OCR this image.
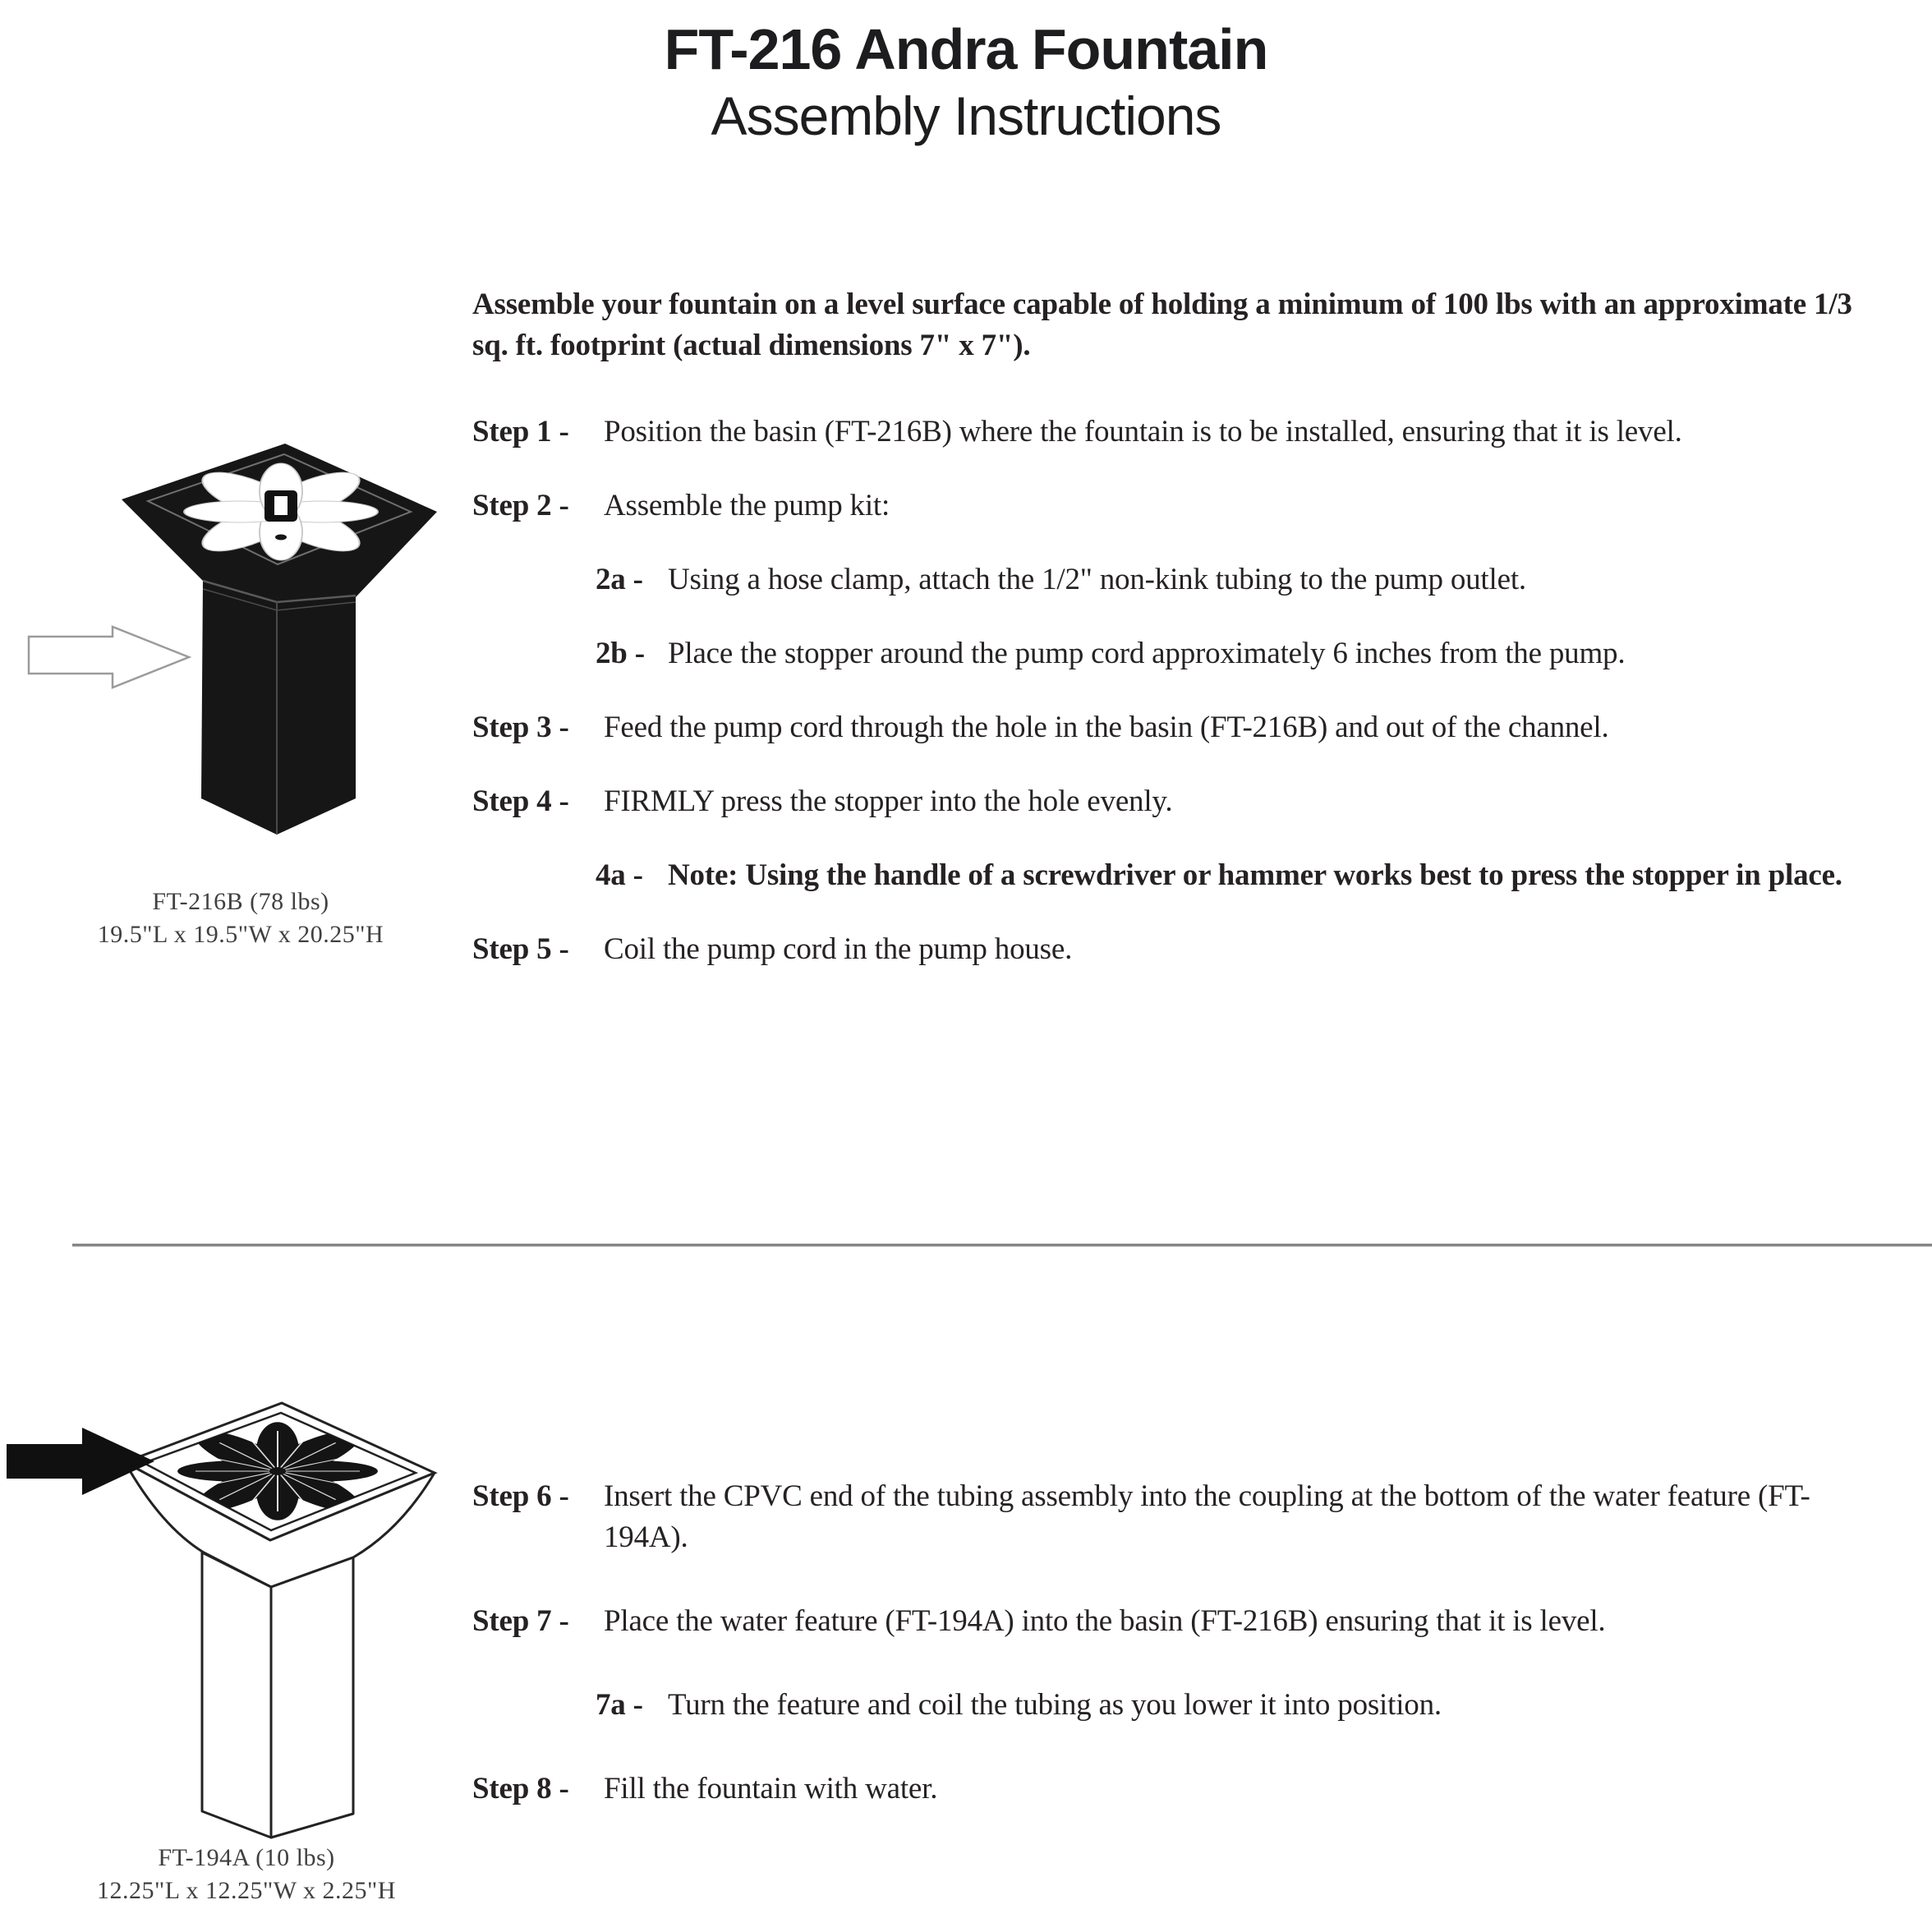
FT-216 Andra Fountain
Assembly Instructions

Assemble your fountain on a level surface capable of holding a minimum of 100 lbs with an approximate 1/3 sq. ft. footprint (actual dimensions 7" x 7").

Step 1 -	Position the basin (FT-216B) where the fountain is to be installed, ensuring that it is level.
Step 2 -	Assemble the pump kit:
2a - Using a hose clamp, attach the 1/2" non-kink tubing to the pump outlet.
2b - Place the stopper around the pump cord approximately 6 inches from the pump.
Step 3 -	Feed the pump cord through the hole in the basin (FT-216B) and out of the channel.
Step 4 -	FIRMLY press the stopper into the hole evenly.
4a - Note: Using the handle of a screwdriver or hammer works best to press the stopper in place.
Step 5 -	Coil the pump cord in the pump house.
FT-216B (78 lbs)
19.5"L x 19.5"W x 20.25"H
Step 6 -	Insert the CPVC end of the tubing assembly into the coupling at the bottom of the water feature (FT-194A).
Step 7 -	Place the water feature (FT-194A) into the basin (FT-216B) ensuring that it is level.
7a - Turn the feature and coil the tubing as you lower it into position.
Step 8 -	Fill the fountain with water.
FT-194A (10 lbs)
12.25"L x 12.25"W x 2.25"H
